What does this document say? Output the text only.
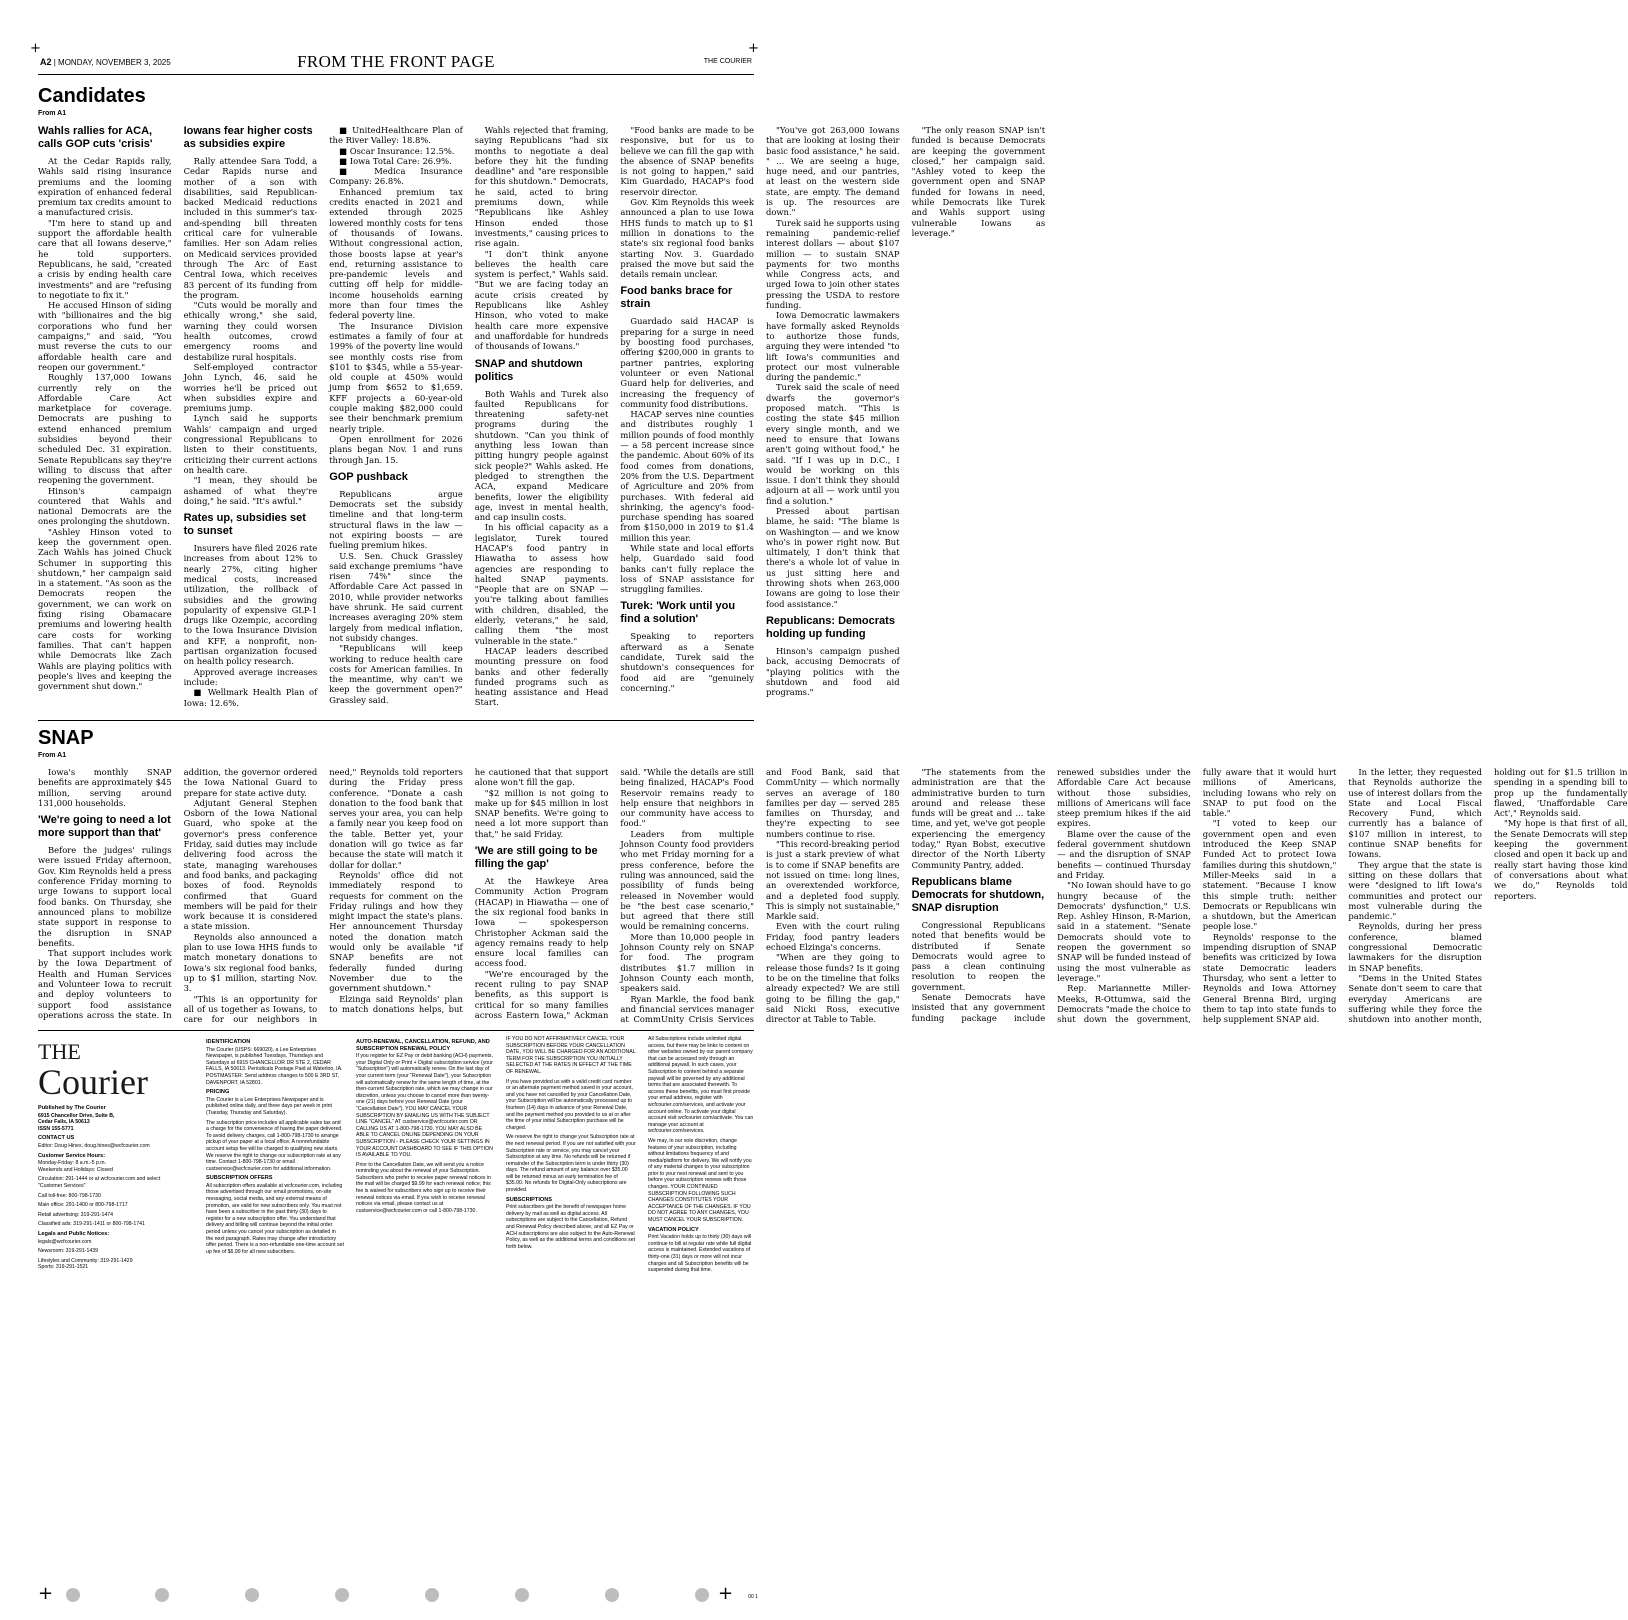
+	+
A2 | MONDAY, NOVEMBER 3, 2025	FROM THE FRONT PAGE	THE COURIER
Candidates
From A1
Wahls rallies for ACA, calls GOP cuts 'crisis'

At the Cedar Rapids rally, Wahls said rising insurance premiums and the looming expiration of enhanced federal premium tax credits amount to a manufactured crisis.

"I'm here to stand up and support the affordable health care that all Iowans deserve," he told supporters. Republicans, he said, "created a crisis by ending health care investments" and are "refusing to negotiate to fix it."

He accused Hinson of siding with "billionaires and the big corporations who fund her campaigns," and said, "You must reverse the cuts to our affordable health care and reopen our government."

Roughly 137,000 Iowans currently rely on the Affordable Care Act marketplace for coverage. Democrats are pushing to extend enhanced premium subsidies beyond their scheduled Dec. 31 expiration. Senate Republicans say they're willing to discuss that after reopening the government.

Hinson's campaign countered that Wahls and national Democrats are the ones prolonging the shutdown.

"Ashley Hinson voted to keep the government open. Zach Wahls has joined Chuck Schumer in supporting this shutdown," her campaign said in a statement. "As soon as the Democrats reopen the government, we can work on fixing rising Obamacare premiums and lowering health care costs for working families. That can't happen while Democrats like Zach Wahls are playing politics with people's lives and keeping the government shut down."

Iowans fear higher costs as subsidies expire

Rally attendee Sara Todd, a Cedar Rapids nurse and mother of a son with disabilities, said Republican-backed Medicaid reductions included in this summer's tax-and-spending bill threaten critical care for vulnerable families. Her son Adam relies on Medicaid services provided through The Arc of East Central Iowa, which receives 83 percent of its funding from the program.

"Cuts would be morally and ethically wrong," she said, warning they could worsen health outcomes, crowd emergency rooms and destabilize rural hospitals.

Self-employed contractor John Lynch, 46, said he worries he'll be priced out when subsidies expire and premiums jump.

Lynch said he supports Wahls' campaign and urged congressional Republicans to listen to their constituents, criticizing their current actions on health care.

"I mean, they should be ashamed of what they're doing," he said. "It's awful."

Rates up, subsidies set to sunset

Insurers have filed 2026 rate increases from about 12% to nearly 27%, citing higher medical costs, increased utilization, the rollback of subsidies and the growing popularity of expensive GLP-1 drugs like Ozempic, according to the Iowa Insurance Division and KFF, a nonprofit, non-partisan organization focused on health policy research.

Approved average increases include:

■ Wellmark Health Plan of Iowa: 12.6%.

■ UnitedHealthcare Plan of the River Valley: 18.8%.

■ Oscar Insurance: 12.5%.

■ Iowa Total Care: 26.9%.

■ Medica Insurance Company: 26.8%.

Enhanced premium tax credits enacted in 2021 and extended through 2025 lowered monthly costs for tens of thousands of Iowans. Without congressional action, those boosts lapse at year's end, returning assistance to pre-pandemic levels and cutting off help for middle-income households earning more than four times the federal poverty line.

The Insurance Division estimates a family of four at 199% of the poverty line would see monthly costs rise from $101 to $345, while a 55-year-old couple at 450% would jump from $652 to $1,659. KFF projects a 60-year-old couple making $82,000 could see their benchmark premium nearly triple.

Open enrollment for 2026 plans began Nov. 1 and runs through Jan. 15.

GOP pushback

Republicans argue Democrats set the subsidy timeline and that long-term structural flaws in the law — not expiring boosts — are fueling premium hikes.

U.S. Sen. Chuck Grassley said exchange premiums "have risen 74%" since the Affordable Care Act passed in 2010, while provider networks have shrunk. He said current increases averaging 20% stem largely from medical inflation, not subsidy changes.

"Republicans will keep working to reduce health care costs for American families. In the meantime, why can't we keep the government open?" Grassley said.

Wahls rejected that framing, saying Republicans "had six months to negotiate a deal before they hit the funding deadline" and "are responsible for this shutdown." Democrats, he said, acted to bring premiums down, while "Republicans like Ashley Hinson ended those investments," causing prices to rise again.

"I don't think anyone believes the health care system is perfect," Wahls said. "But we are facing today an acute crisis created by Republicans like Ashley Hinson, who voted to make health care more expensive and unaffordable for hundreds of thousands of Iowans."

SNAP and shutdown politics

Both Wahls and Turek also faulted Republicans for threatening safety-net programs during the shutdown. "Can you think of anything less Iowan than pitting hungry people against sick people?" Wahls asked. He pledged to strengthen the ACA, expand Medicare benefits, lower the eligibility age, invest in mental health, and cap insulin costs.

In his official capacity as a legislator, Turek toured HACAP's food pantry in Hiawatha to assess how agencies are responding to halted SNAP payments. "People that are on SNAP — you're talking about families with children, disabled, the elderly, veterans," he said, calling them "the most vulnerable in the state."

HACAP leaders described mounting pressure on food banks and other federally funded programs such as heating assistance and Head Start.

"Food banks are made to be responsive, but for us to believe we can fill the gap with the absence of SNAP benefits is not going to happen," said Kim Guardado, HACAP's food reservoir director.

Gov. Kim Reynolds this week announced a plan to use Iowa HHS funds to match up to $1 million in donations to the state's six regional food banks starting Nov. 3. Guardado praised the move but said the details remain unclear.

Food banks brace for strain

Guardado said HACAP is preparing for a surge in need by boosting food purchases, offering $200,000 in grants to partner pantries, exploring volunteer or even National Guard help for deliveries, and increasing the frequency of community food distributions.

HACAP serves nine counties and distributes roughly 1 million pounds of food monthly — a 58 percent increase since the pandemic. About 60% of its food comes from donations, 20% from the U.S. Department of Agriculture and 20% from purchases. With federal aid shrinking, the agency's food-purchase spending has soared from $150,000 in 2019 to $1.4 million this year.

While state and local efforts help, Guardado said food banks can't fully replace the loss of SNAP assistance for struggling families.

Turek: 'Work until you find a solution'

Speaking to reporters afterward as a Senate candidate, Turek said the shutdown's consequences for food aid are "genuinely concerning."

"You've got 263,000 Iowans that are looking at losing their basic food assistance," he said. " ... We are seeing a huge, huge need, and our pantries, at least on the western side state, are empty. The demand is up. The resources are down."

Turek said he supports using remaining pandemic-relief interest dollars — about $107 million — to sustain SNAP payments for two months while Congress acts, and urged Iowa to join other states pressing the USDA to restore funding.

Iowa Democratic lawmakers have formally asked Reynolds to authorize those funds, arguing they were intended "to lift Iowa's communities and protect our most vulnerable during the pandemic."

Turek said the scale of need dwarfs the governor's proposed match. "This is costing the state $45 million every single month, and we need to ensure that Iowans aren't going without food," he said. "If I was up in D.C., I would be working on this issue. I don't think they should adjourn at all — work until you find a solution."

Pressed about partisan blame, he said: "The blame is on Washington — and we know who's in power right now. But ultimately, I don't think that there's a whole lot of value in us just sitting here and throwing shots when 263,000 Iowans are going to lose their food assistance."

Republicans: Democrats holding up funding

Hinson's campaign pushed back, accusing Democrats of "playing politics with the shutdown and food aid programs."

"The only reason SNAP isn't funded is because Democrats are keeping the government closed," her campaign said. "Ashley voted to keep the government open and SNAP funded for Iowans in need, while Democrats like Turek and Wahls support using vulnerable Iowans as leverage."

SNAP
From A1

Iowa's monthly SNAP benefits are approximately $45 million, serving around 131,000 households.

'We're going to need a lot more support than that'

Before the judges' rulings were issued Friday afternoon, Gov. Kim Reynolds held a press conference Friday morning to urge Iowans to support local food banks. On Thursday, she announced plans to mobilize state support in response to the disruption in SNAP benefits.

That support includes work by the Iowa Department of Health and Human Services and Volunteer Iowa to recruit and deploy volunteers to support food assistance operations across the state. In addition, the governor ordered the Iowa National Guard to prepare for state active duty.

Adjutant General Stephen Osborn of the Iowa National Guard, who spoke at the governor's press conference Friday, said duties may include delivering food across the state, managing warehouses and food banks, and packaging boxes of food. Reynolds confirmed that Guard members will be paid for their work because it is considered a state mission.

Reynolds also announced a plan to use Iowa HHS funds to match monetary donations to Iowa's six regional food banks, up to $1 million, starting Nov. 3.

"This is an opportunity for all of us together as Iowans, to care for our neighbors in need," Reynolds told reporters during the Friday press conference. "Donate a cash donation to the food bank that serves your area, you can help a family near you keep food on the table. Better yet, your donation will go twice as far because the state will match it dollar for dollar."

Reynolds' office did not immediately respond to requests for comment on the Friday rulings and how they might impact the state's plans. Her announcement Thursday noted the donation match would only be available "if SNAP benefits are not federally funded during November due to the government shutdown."

Elzinga said Reynolds' plan to match donations helps, but he cautioned that that support alone won't fill the gap.

"$2 million is not going to make up for $45 million in lost SNAP benefits. We're going to need a lot more support than that," he said Friday.

'We are still going to be filling the gap'

At the Hawkeye Area Community Action Program (HACAP) in Hiawatha — one of the six regional food banks in Iowa — spokesperson Christopher Ackman said the agency remains ready to help ensure local families can access food.

"We're encouraged by the recent ruling to pay SNAP benefits, as this support is critical for so many families across Eastern Iowa," Ackman said. "While the details are still being finalized, HACAP's Food Reservoir remains ready to help ensure that neighbors in our community have access to food."

Leaders from multiple Johnson County food providers who met Friday morning for a press conference, before the ruling was announced, said the possibility of funds being released in November would be "the best case scenario," but agreed that there still would be remaining concerns.

More than 10,000 people in Johnson County rely on SNAP for food. The program distributes $1.7 million in Johnson County each month, speakers said.

Ryan Markle, the food bank and financial services manager at CommUnity Crisis Services and Food Bank, said that CommUnity — which normally serves an average of 180 families per day — served 285 families on Thursday, and they're expecting to see numbers continue to rise.

"This record-breaking period is just a stark preview of what is to come if SNAP benefits are not issued on time: long lines, an overextended workforce, and a depleted food supply. This is simply not sustainable," Markle said.

Even with the court ruling Friday, food pantry leaders echoed Elzinga's concerns.

"When are they going to release those funds? Is it going to be on the timeline that folks already expected? We are still going to be filling the gap," said Nicki Ross, executive director at Table to Table.

"The statements from the administration are that the administrative burden to turn around and release these funds will be great and ... take time, and yet, we've got people experiencing the emergency today," Ryan Bobst, executive director of the North Liberty Community Pantry, added.

Republicans blame Democrats for shutdown, SNAP disruption

Congressional Republicans noted that benefits would be distributed if Senate Democrats would agree to pass a clean continuing resolution to reopen the government.

Senate Democrats have insisted that any government funding package include renewed subsidies under the Affordable Care Act because without those subsidies, millions of Americans will face steep premium hikes if the aid expires.

Blame over the cause of the federal government shutdown — and the disruption of SNAP benefits — continued Thursday and Friday.

"No Iowan should have to go hungry because of the Democrats' dysfunction," U.S. Rep. Ashley Hinson, R-Marion, said in a statement. "Senate Democrats should vote to reopen the government so SNAP will be funded instead of using the most vulnerable as leverage."

Rep. Mariannette Miller-Meeks, R-Ottumwa, said the Democrats "made the choice to shut down the government, fully aware that it would hurt millions of Americans, including Iowans who rely on SNAP to put food on the table."

"I voted to keep our government open and even introduced the Keep SNAP Funded Act to protect Iowa families during this shutdown," Miller-Meeks said in a statement. "Because I know this simple truth: neither Democrats or Republicans win a shutdown, but the American people lose."

Reynolds' response to the impending disruption of SNAP benefits was criticized by Iowa state Democratic leaders Thursday, who sent a letter to Reynolds and Iowa Attorney General Brenna Bird, urging them to tap into state funds to help supplement SNAP aid.

In the letter, they requested that Reynolds authorize the use of interest dollars from the State and Local Fiscal Recovery Fund, which currently has a balance of $107 million in interest, to continue SNAP benefits for Iowans.

They argue that the state is sitting on these dollars that were "designed to lift Iowa's communities and protect our most vulnerable during the pandemic."

Reynolds, during her press conference, blamed congressional Democratic lawmakers for the disruption in SNAP benefits.

"Dems in the United States Senate don't seem to care that everyday Americans are suffering while they force the shutdown into another month, holding out for $1.5 trillion in spending in a spending bill to prop up the fundamentally flawed, 'Unaffordable Care Act'," Reynolds said.

"My hope is that first of all, the Senate Democrats will step keeping the government closed and open it back up and really start having those kind of conversations about what we do," Reynolds told reporters.

THE Courier
Published by The Courier

6915 Chancellor Drive, Suite B,
Cedar Falls, IA 50613
ISSN 155-5771

CONTACT US

Editor: Doug Hines, doug.hines@wcfcourier.com

Customer Service Hours:

Monday-Friday: 8 a.m.-5 p.m.
Weekends and Holidays: Closed

Circulation: 291-1444 or at wcfcourier.com and select "Customer Services"

Call toll-free: 800-798-1730

Main office: 291-1400 or 800-798-1717

Retail advertising: 319-291-1474

Classified ads: 319-291-1411 or 800-798-1741

Legals and Public Notices:

legals@wcfcourier.com

Newsroom: 319-291-1439

Lifestyles and Community: 319-291-1429
Sports: 319-291-1521

IDENTIFICATION

The Courier (USPS: 669020), a Lee Enterprises Newspaper, is published Tuesdays, Thursdays and Saturdays at 6915 CHANCELLOR DR STE 2, CEDAR FALLS, IA 50613. Periodicals Postage Paid at Waterloo, IA. POSTMASTER: Send address changes to 500 E 3RD ST, DAVENPORT, IA 52801.

PRICING

The Courier is a Lee Enterprises Newspaper and is published online daily, and three days per week in print (Tuesday, Thursday and Saturday).

The subscription price includes all applicable sales tax and a charge for the convenience of having the paper delivered. To avoid delivery charges, call 1-800-798-1730 to arrange pickup of your paper at a local office. A nonrefundable account setup fee will be charged to qualifying new starts. We reserve the right to change our subscription rate at any time. Contact 1-800-798-1730 or email custservice@wcfcourier.com for additional information.

SUBSCRIPTION OFFERS

All subscription offers available at wcfcourier.com, including those advertised through our email promotions, on-site messaging, social media, and any external means of promotion, are valid for new subscribers only. You must not have been a subscriber in the past thirty (30) days to register for a new subscription offer. You understand that delivery and billing will continue beyond the initial order period unless you cancel your subscription as detailed in the next paragraph. Rates may change after introductory offer period. There is a non-refundable one-time account set up fee of $6.99 for all new subscribers.

AUTO-RENEWAL, CANCELLATION, REFUND, AND SUBSCRIPTION RENEWAL POLICY

If you register for EZ Pay or debit banking (ACH) payments, your Digital Only or Print + Digital subscription service (your "Subscription") will automatically renew. On the last day of your current term (your "Renewal Date"), your Subscription will automatically renew for the same length of time, at the then-current Subscription rate, which we may change in our discretion, unless you choose to cancel more than twenty-one (21) days before your Renewal Date (your "Cancellation Date"). YOU MAY CANCEL YOUR SUBSCRIPTION BY EMAILING US WITH THE SUBJECT LINE "CANCEL" AT custservice@wcfcourier.com OR CALLING US AT 1-800-798-1730. YOU MAY ALSO BE ABLE TO CANCEL ONLINE DEPENDING ON YOUR SUBSCRIPTION - PLEASE CHECK YOUR SETTINGS IN YOUR ACCOUNT DASHBOARD TO SEE IF THIS OPTION IS AVAILABLE TO YOU.

Prior to the Cancellation Date, we will send you a notice reminding you about the renewal of your Subscription. Subscribers who prefer to receive paper renewal notices in the mail will be charged $9.99 for each renewal notice; this fee is waived for subscribers who sign up to receive their renewal notices via email. If you wish to receive renewal notices via email, please contact us at custservice@wcfcourier.com or call 1-800-798-1730.

IF YOU DO NOT AFFIRMATIVELY CANCEL YOUR SUBSCRIPTION BEFORE YOUR CANCELLATION DATE, YOU WILL BE CHARGED FOR AN ADDITIONAL TERM FOR THE SUBSCRIPTION YOU INITIALLY SELECTED AT THE RATES IN EFFECT AT THE TIME OF RENEWAL.

If you have provided us with a valid credit card number or an alternate payment method saved in your account, and you have not cancelled by your Cancellation Date, your Subscription will be automatically processed up to fourteen (14) days in advance of your Renewal Date, and the payment method you provided to us at or after the time of your initial Subscription purchase will be charged.

We reserve the right to change your Subscription rate at the next renewal period. If you are not satisfied with your Subscription rate or service, you may cancel your Subscription at any time. No refunds will be returned if remainder of the Subscription term is under thirty (30) days. The refund amount of any balance over $35.00 will be returned minus an early termination fee of $35.00. No refunds for Digital-Only subscriptions are provided.

SUBSCRIPTIONS

Print subscribers get the benefit of newspaper home delivery by mail as well as digital access. All subscriptions are subject to the Cancellation, Refund and Renewal Policy described above, and all EZ Pay or ACH subscriptions are also subject to the Auto-Renewal Policy, as well as the additional terms and conditions set forth below.

All Subscriptions include unlimited digital access, but there may be links to content on other websites owned by our parent company that can be accessed only through an additional paywall. In such cases, your Subscription to content behind a separate paywall will be governed by any additional terms that are associated therewith. To access these benefits, you must first provide your email address, register with wcfcourier.com/services, and activate your account online. To activate your digital account visit wcfcourier.com/activate. You can manage your account at wcfcourier.com/services.

We may, in our sole discretion, change features of your subscription, including without limitations frequency of and media/platform for delivery. We will notify you of any material changes to your subscription prior to your next renewal and sent to you before your subscription renews with those changes. YOUR CONTINUED SUBSCRIPTION FOLLOWING SUCH CHANGES CONSTITUTES YOUR ACCEPTANCE OF THE CHANGES. IF YOU DO NOT AGREE TO ANY CHANGES, YOU MUST CANCEL YOUR SUBSCRIPTION.

VACATION POLICY

Print Vacation holds up to thirty (30) days will continue to bill at regular rate while full digital access is maintained. Extended vacations of thirty-one (31) days or more will not incur charges and all Subscription benefits will be suspended during that time.

+	+	00 1
